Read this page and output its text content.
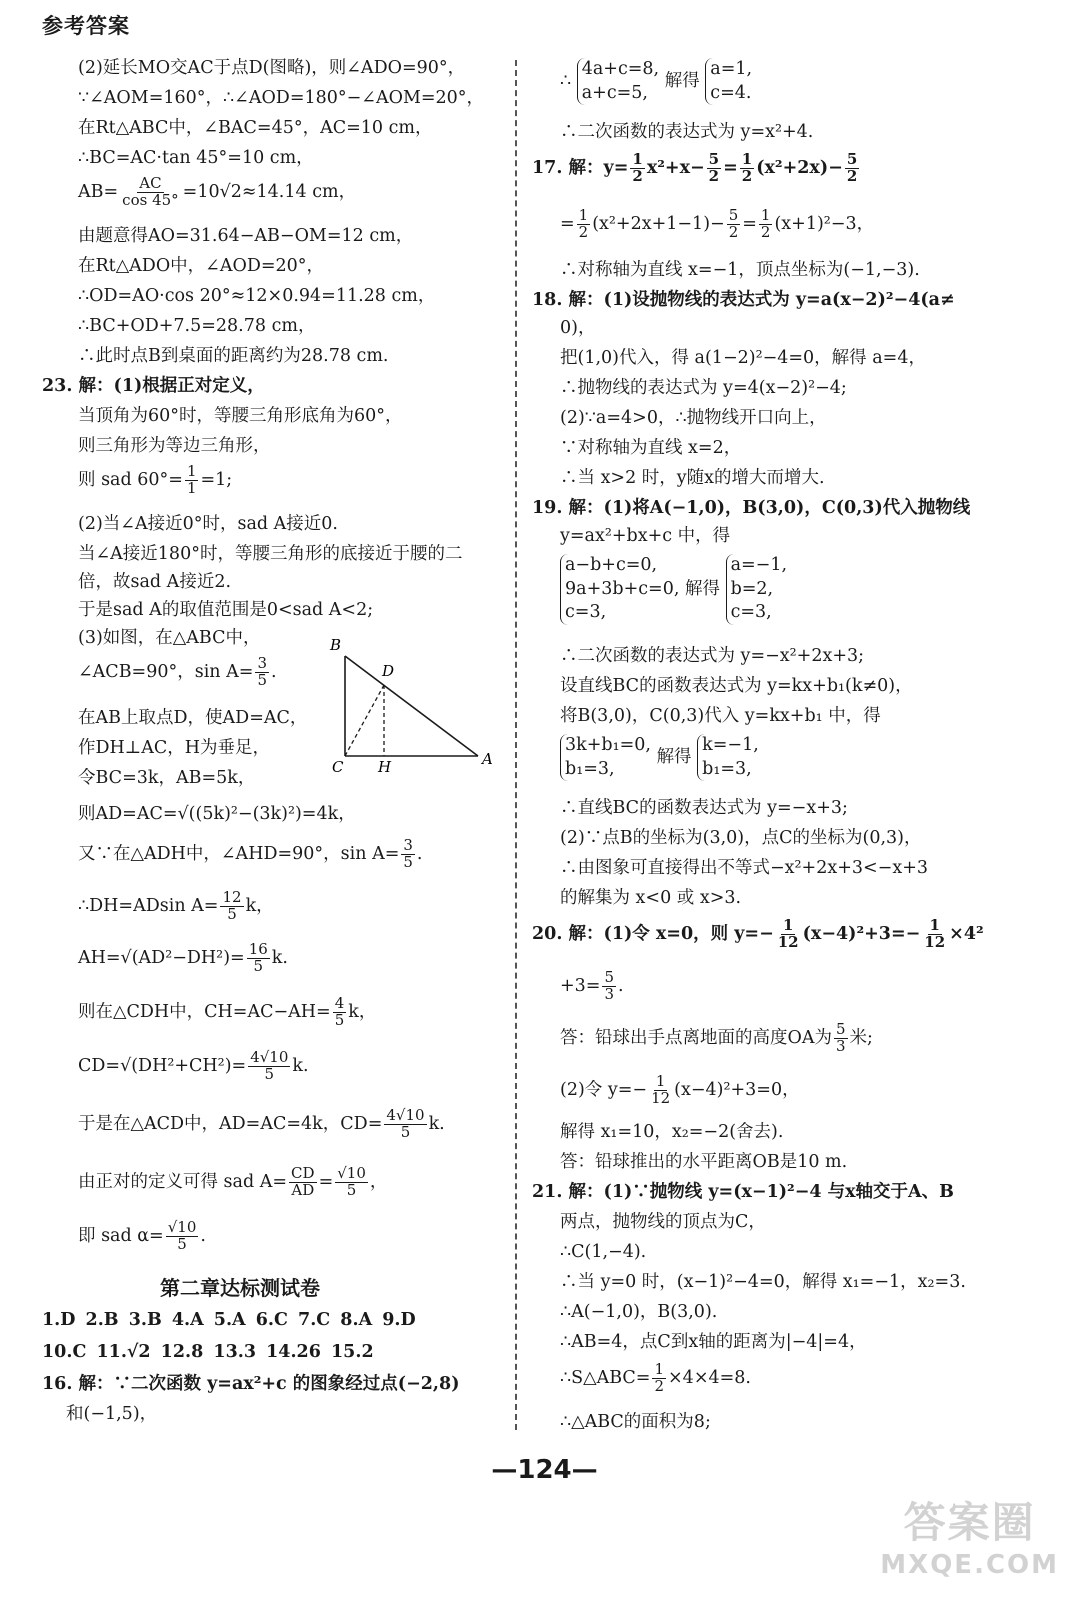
参考答案
(2)延长MO交AC于点D(图略)，则∠ADO=90°，
∵∠AOM=160°，∴∠AOD=180°−∠AOM=20°，
在Rt△ABC中，∠BAC=45°，AC=10 cm，
∴BC=AC·tan 45°=10 cm，
$AB= \frac{AC}{\cos 45^\circ} =10√2\approx 14.14$ cm，
由题意得AO=31.64−AB−OM=12 cm，
在Rt△ADO中，∠AOD=20°，
∴OD=AO·cos 20°≈12×0.94=11.28 cm，
∴BC+OD+7.5=28.78 cm，
∴此时点B到桌面的距离约为28.78 cm.
23. 解：(1)根据正对定义，
当顶角为60°时，等腰三角形底角为60°，
则三角形为等边三角形，
则 sad $60^\circ= \frac{1}{1} =1$;
(2)当∠A接近0°时，sad A接近0.
当∠A接近180°时，等腰三角形的底接近于腰的二
倍，故sad A接近2.
于是sad A的取值范围是0<sad A<2;
(3)如图，在△ABC中，
∠ACB=90°，$\sin A= \frac{3}{5}$ .
在AB上取点D，使AD=AC，
作DH⊥AC，H为垂足，
令BC=3k，AB=5k，
则AD=AC=√((5k)²−(3k)²)=4k，
又∵在△ADH中，∠AHD=90°，$\sin A= \frac{3}{5}$ .
∴DH=ADsin $A= \frac{12}{5}$ k，
$AH=√(AD^2-DH^2)= \frac{16}{5} k$.
则在△CDH中，$CH=AC-AH= \frac{4}{5}$ k，
$CD=√(DH^2+CH^2)= \frac{4√10}{5} k$.
于是在△ACD中，AD=AC=4k，$CD= \frac{4√10}{5} k$.
由正对的定义可得 sad $A= \frac{CD}{AD} = \frac{√10}{5}$ ，
即 sad $\alpha= \frac{√10}{5}$ .
B
D
C H	A
第二章达标测试卷
1.D 2.B 3.B 4.A 5.A 6.C 7.C 8.A 9.D
10.C 11.√2 12.8 13.3 14.26 15.2
16. 解：∵二次函数 y=ax²+c 的图象经过点(−2,8)
和(−1,5)，
∴
4a+c=8,
a+c=5,
解得
a=1,
c=4.
∴二次函数的表达式为 y=x²+4.
17. 解：$y= \frac{1}{2} x^2+x- \frac{5}{2} = \frac{1}{2} (x^2+2x)- \frac{5}{2}$
= $\frac{1}{2} (x^2+2x+1-1)- \frac{5}{2} = \frac{1}{2} (x+1)^2-3$，
∴对称轴为直线 x=−1，顶点坐标为(−1,−3).
18. 解：(1)设抛物线的表达式为 y=a(x−2)²−4(a≠
0)，
把(1,0)代入，得 a(1−2)²−4=0，解得 a=4，
∴抛物线的表达式为 y=4(x−2)²−4;
(2)∵a=4>0，∴抛物线开口向上，
∵对称轴为直线 x=2，
∴当 x>2 时，y随x的增大而增大.
19. 解：(1)将A(−1,0)，B(3,0)，C(0,3)代入抛物线
y=ax²+bx+c 中，得
a−b+c=0,
9a+3b+c=0,
c=3,
解得
a=−1,
b=2,
c=3,
∴二次函数的表达式为 y=−x²+2x+3;
设直线BC的函数表达式为 y=kx+b₁(k≠0)，
将B(3,0)，C(0,3)代入 y=kx+b₁ 中，得
3k+b₁=0,
b₁=3,
解得
k=−1,
b₁=3,
∴直线BC的函数表达式为 y=−x+3;
(2)∵点B的坐标为(3,0)，点C的坐标为(0,3)，
∴由图象可直接得出不等式−x²+2x+3<−x+3
的解集为 x<0 或 x>3.
20. 解：(1)令 x=0，则 $y=- \frac{1}{12} (x-4)^2+3=- \frac{1}{12} \times 4^2$
$+3= \frac{5}{3}$ .
答：铅球出手点离地面的高度OA为 $\frac{5}{3}$ 米;
(2)令 $y=- \frac{1}{12} (x-4)^2+3=0$，
解得 x₁=10，x₂=−2(舍去).
答：铅球推出的水平距离OB是10 m.
21. 解：(1)∵抛物线 y=(x−1)²−4 与x轴交于A、B
两点，抛物线的顶点为C，
∴C(1,−4).
∴当 y=0 时，(x−1)²−4=0，解得 x₁=−1，x₂=3.
∴A(−1,0)，B(3,0).
∴AB=4，点C到x轴的距离为|−4|=4，
∴S△ABC= $\frac{1}{2} \times 4\times 4=8$.
∴△ABC的面积为8;
—124—
答案圈
MXQE.COM
